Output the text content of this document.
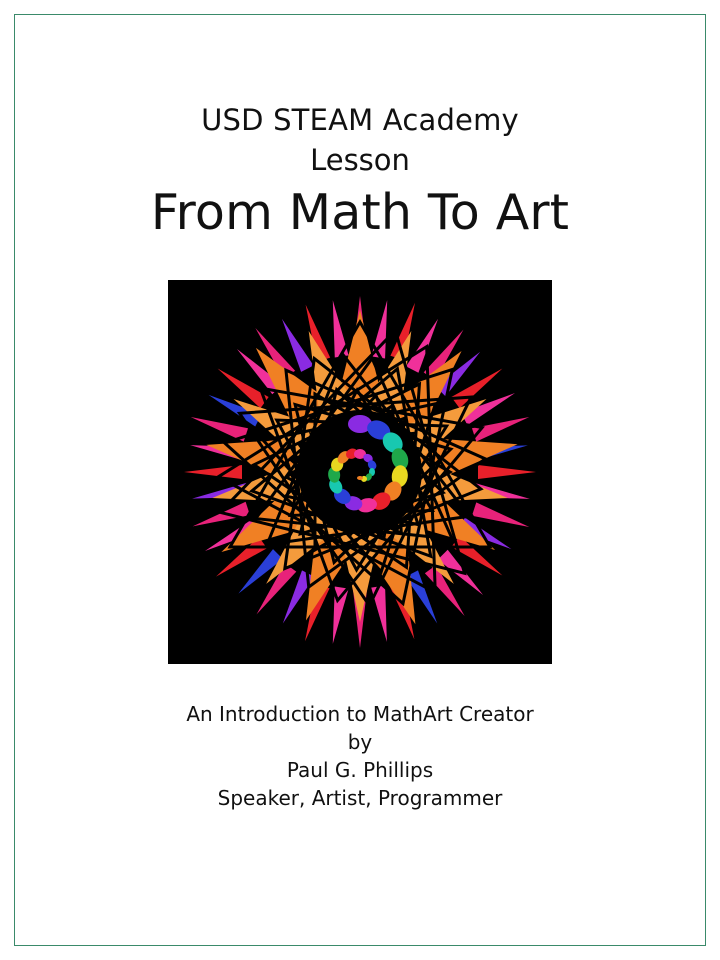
USD STEAM Academy
Lesson
From Math To Art
An Introduction to MathArt Creator
by
Paul G. Phillips
Speaker, Artist, Programmer
